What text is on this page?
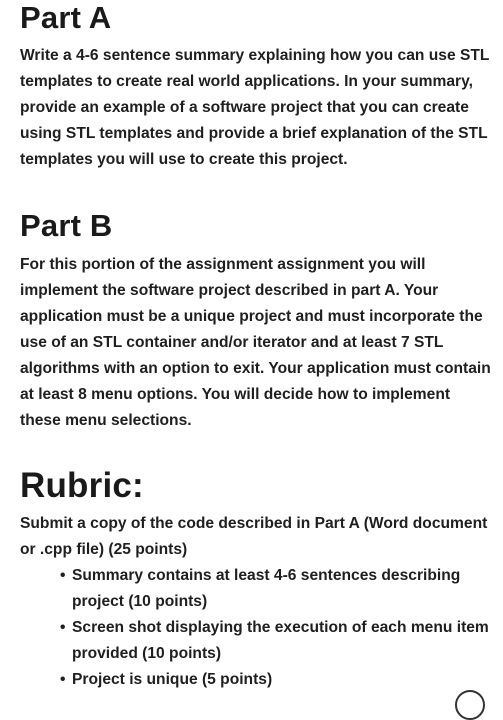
Part A

Write a 4-6 sentence summary explaining how you can use STL templates to create real world applications. In your summary, provide an example of a software project that you can create using STL templates and provide a brief explanation of the STL templates you will use to create this project.

Part B

For this portion of the assignment assignment you will implement the software project described in part A. Your application must be a unique project and must incorporate the use of an STL container and/or iterator and at least 7 STL algorithms with an option to exit. Your application must contain at least 8 menu options. You will decide how to implement these menu selections.

Rubric:

Submit a copy of the code described in Part A (Word document or .cpp file) (25 points)

• Summary contains at least 4-6 sentences describing project (10 points)
• Screen shot displaying the execution of each menu item provided (10 points)
• Project is unique (5 points)
